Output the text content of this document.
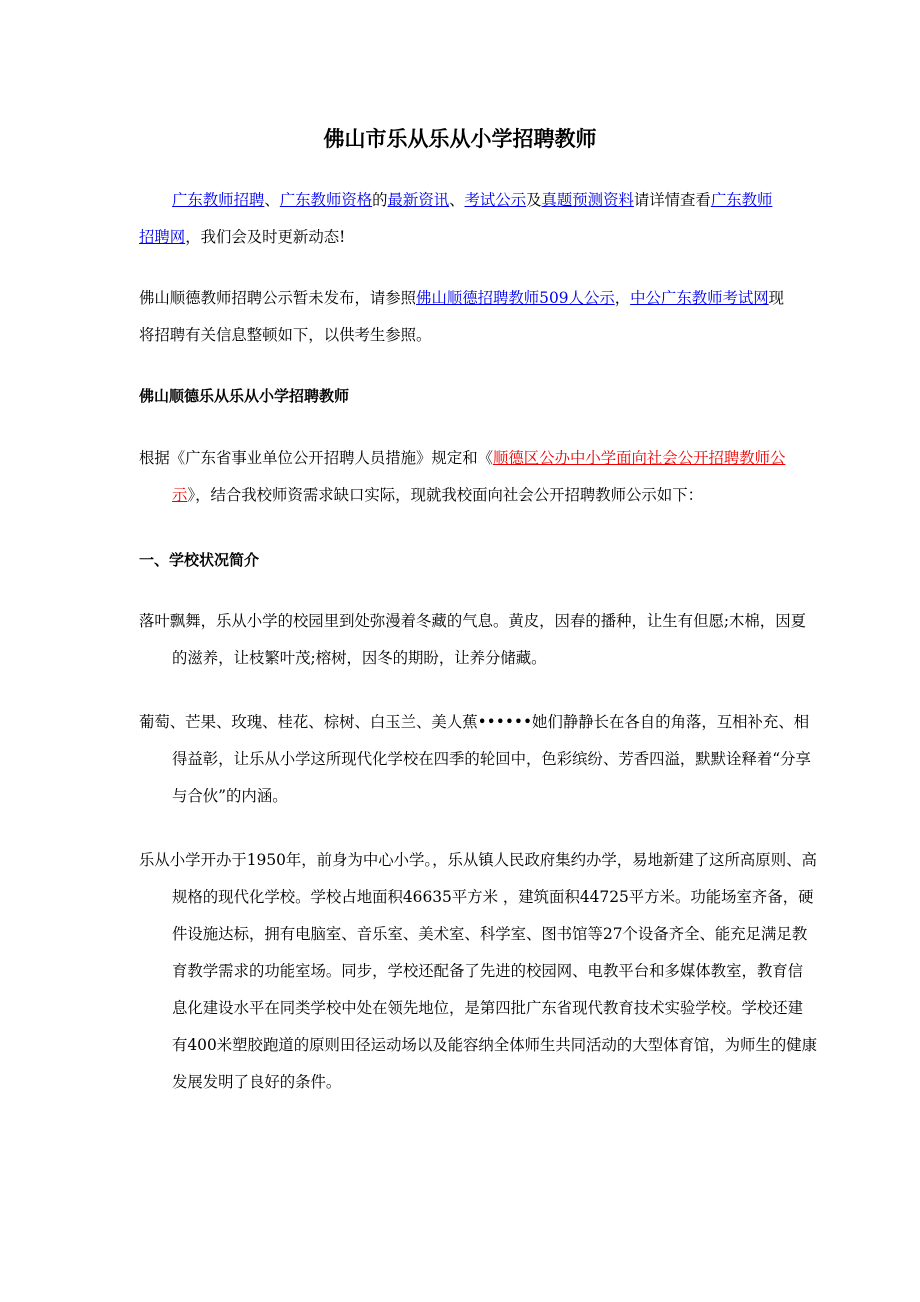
佛山市乐从乐从小学招聘教师

广东教师招聘、广东教师资格的最新资讯、考试公示及真题预测资料请详情查看广东教师招聘网，我们会及时更新动态!

佛山顺德教师招聘公示暂未发布，请参照佛山顺德招聘教师509人公示，中公广东教师考试网现将招聘有关信息整顿如下，以供考生参照。

佛山顺德乐从乐从小学招聘教师

根据《广东省事业单位公开招聘人员措施》规定和《顺德区公办中小学面向社会公开招聘教师公示》，结合我校师资需求缺口实际，现就我校面向社会公开招聘教师公示如下：

一、学校状况简介

落叶飘舞，乐从小学的校园里到处弥漫着冬藏的气息。黄皮，因春的播种，让生有但愿;木棉，因夏的滋养，让枝繁叶茂;榕树，因冬的期盼，让养分储藏。

葡萄、芒果、玫瑰、桂花、棕树、白玉兰、美人蕉••••••她们静静长在各自的角落，互相补充、相得益彰，让乐从小学这所现代化学校在四季的轮回中，色彩缤纷、芳香四溢，默默诠释着“分享与合伙”的内涵。

乐从小学开办于1950年，前身为中心小学。，乐从镇人民政府集约办学，易地新建了这所高原则、高规格的现代化学校。学校占地面积46635平方米 ，建筑面积44725平方米。功能场室齐备，硬件设施达标，拥有电脑室、音乐室、美术室、科学室、图书馆等27个设备齐全、能充足满足教育教学需求的功能室场。同步，学校还配备了先进的校园网、电教平台和多媒体教室，教育信息化建设水平在同类学校中处在领先地位，是第四批广东省现代教育技术实验学校。学校还建有400米塑胶跑道的原则田径运动场以及能容纳全体师生共同活动的大型体育馆，为师生的健康发展发明了良好的条件。
